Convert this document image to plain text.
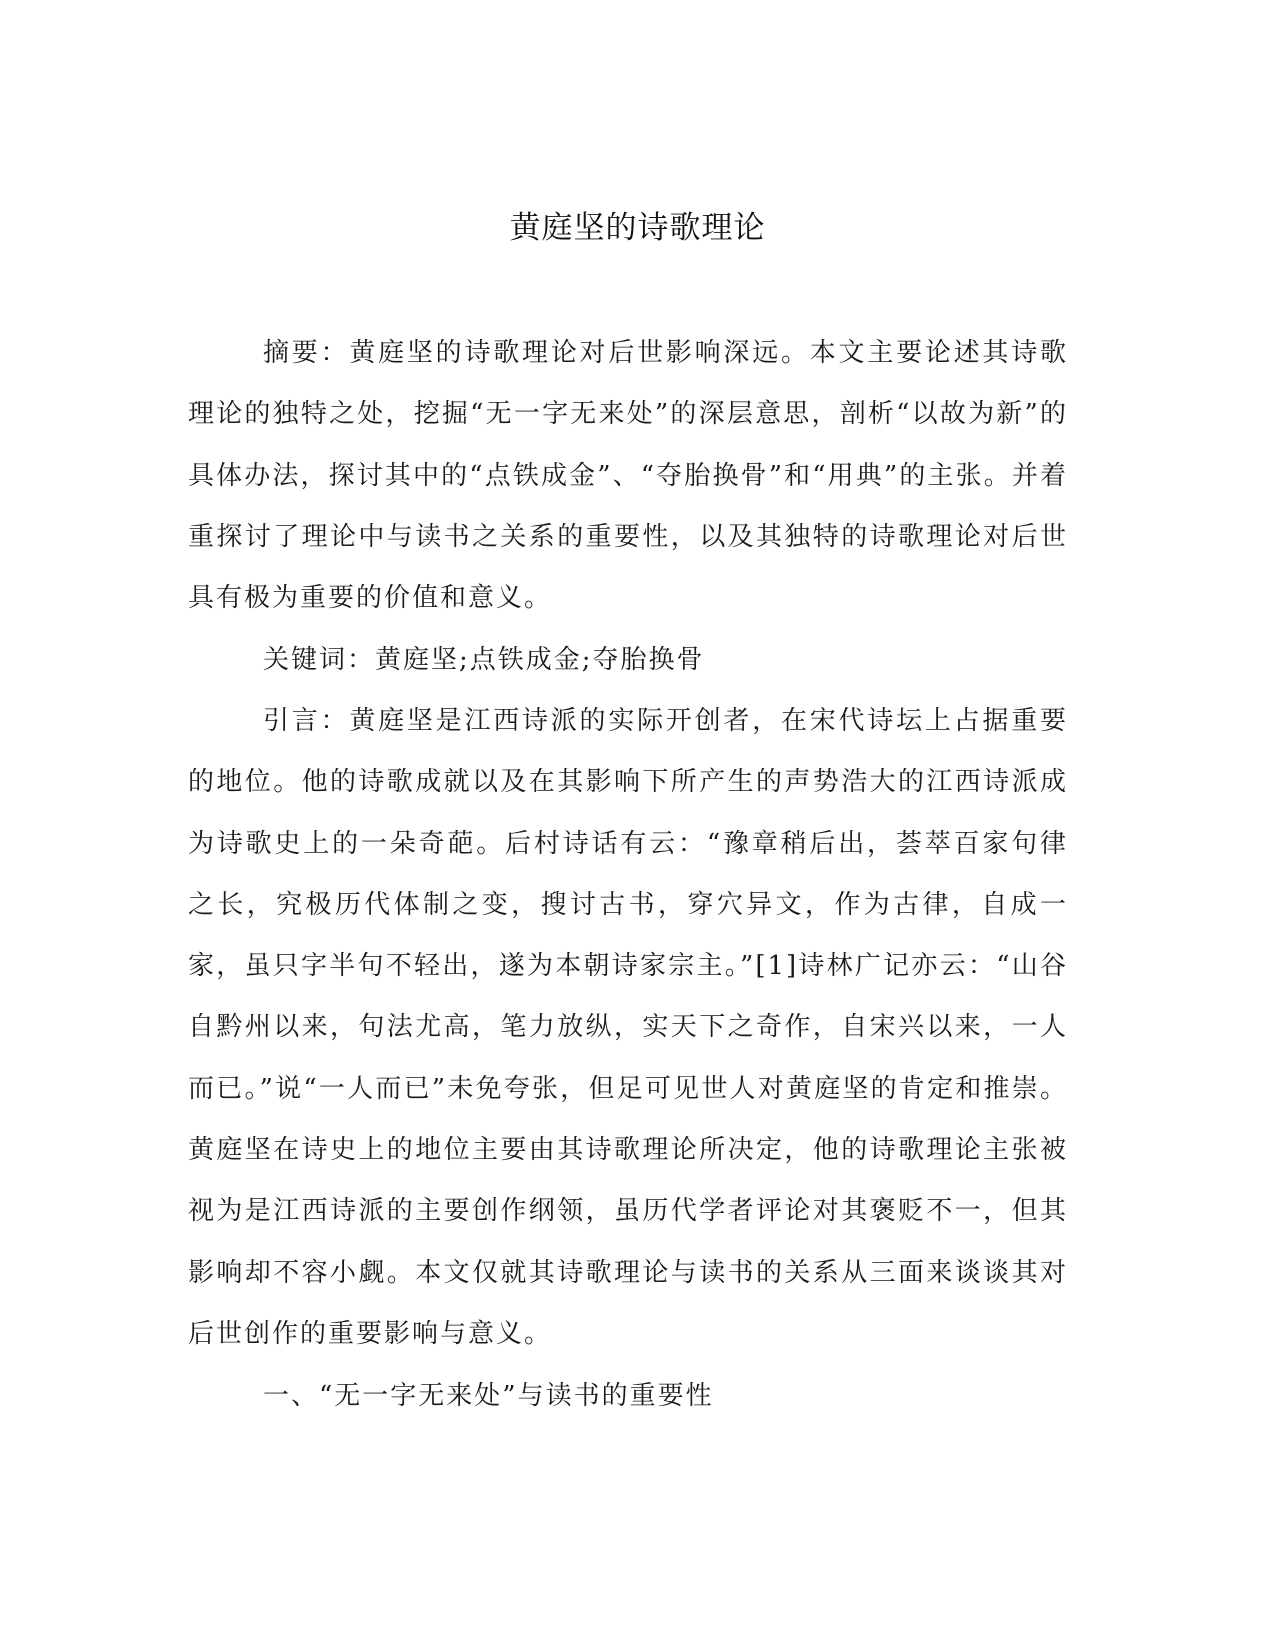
黄庭坚的诗歌理论

摘要：黄庭坚的诗歌理论对后世影响深远。本文主要论述其诗歌理论的独特之处，挖掘“无一字无来处”的深层意思，剖析“以故为新”的具体办法，探讨其中的“点铁成金”、“夺胎换骨”和“用典”的主张。并着重探讨了理论中与读书之关系的重要性，以及其独特的诗歌理论对后世具有极为重要的价值和意义。

关键词：黄庭坚;点铁成金;夺胎换骨

引言：黄庭坚是江西诗派的实际开创者，在宋代诗坛上占据重要的地位。他的诗歌成就以及在其影响下所产生的声势浩大的江西诗派成为诗歌史上的一朵奇葩。后村诗话有云：“豫章稍后出，荟萃百家句律之长，究极历代体制之变，搜讨古书，穿穴异文，作为古律，自成一家，虽只字半句不轻出，遂为本朝诗家宗主。”[1]诗林广记亦云：“山谷自黔州以来，句法尤高，笔力放纵，实天下之奇作，自宋兴以来，一人而已。”说“一人而已”未免夸张，但足可见世人对黄庭坚的肯定和推崇。黄庭坚在诗史上的地位主要由其诗歌理论所决定，他的诗歌理论主张被视为是江西诗派的主要创作纲领，虽历代学者评论对其褒贬不一，但其影响却不容小觑。本文仅就其诗歌理论与读书的关系从三面来谈谈其对后世创作的重要影响与意义。

一、“无一字无来处”与读书的重要性
